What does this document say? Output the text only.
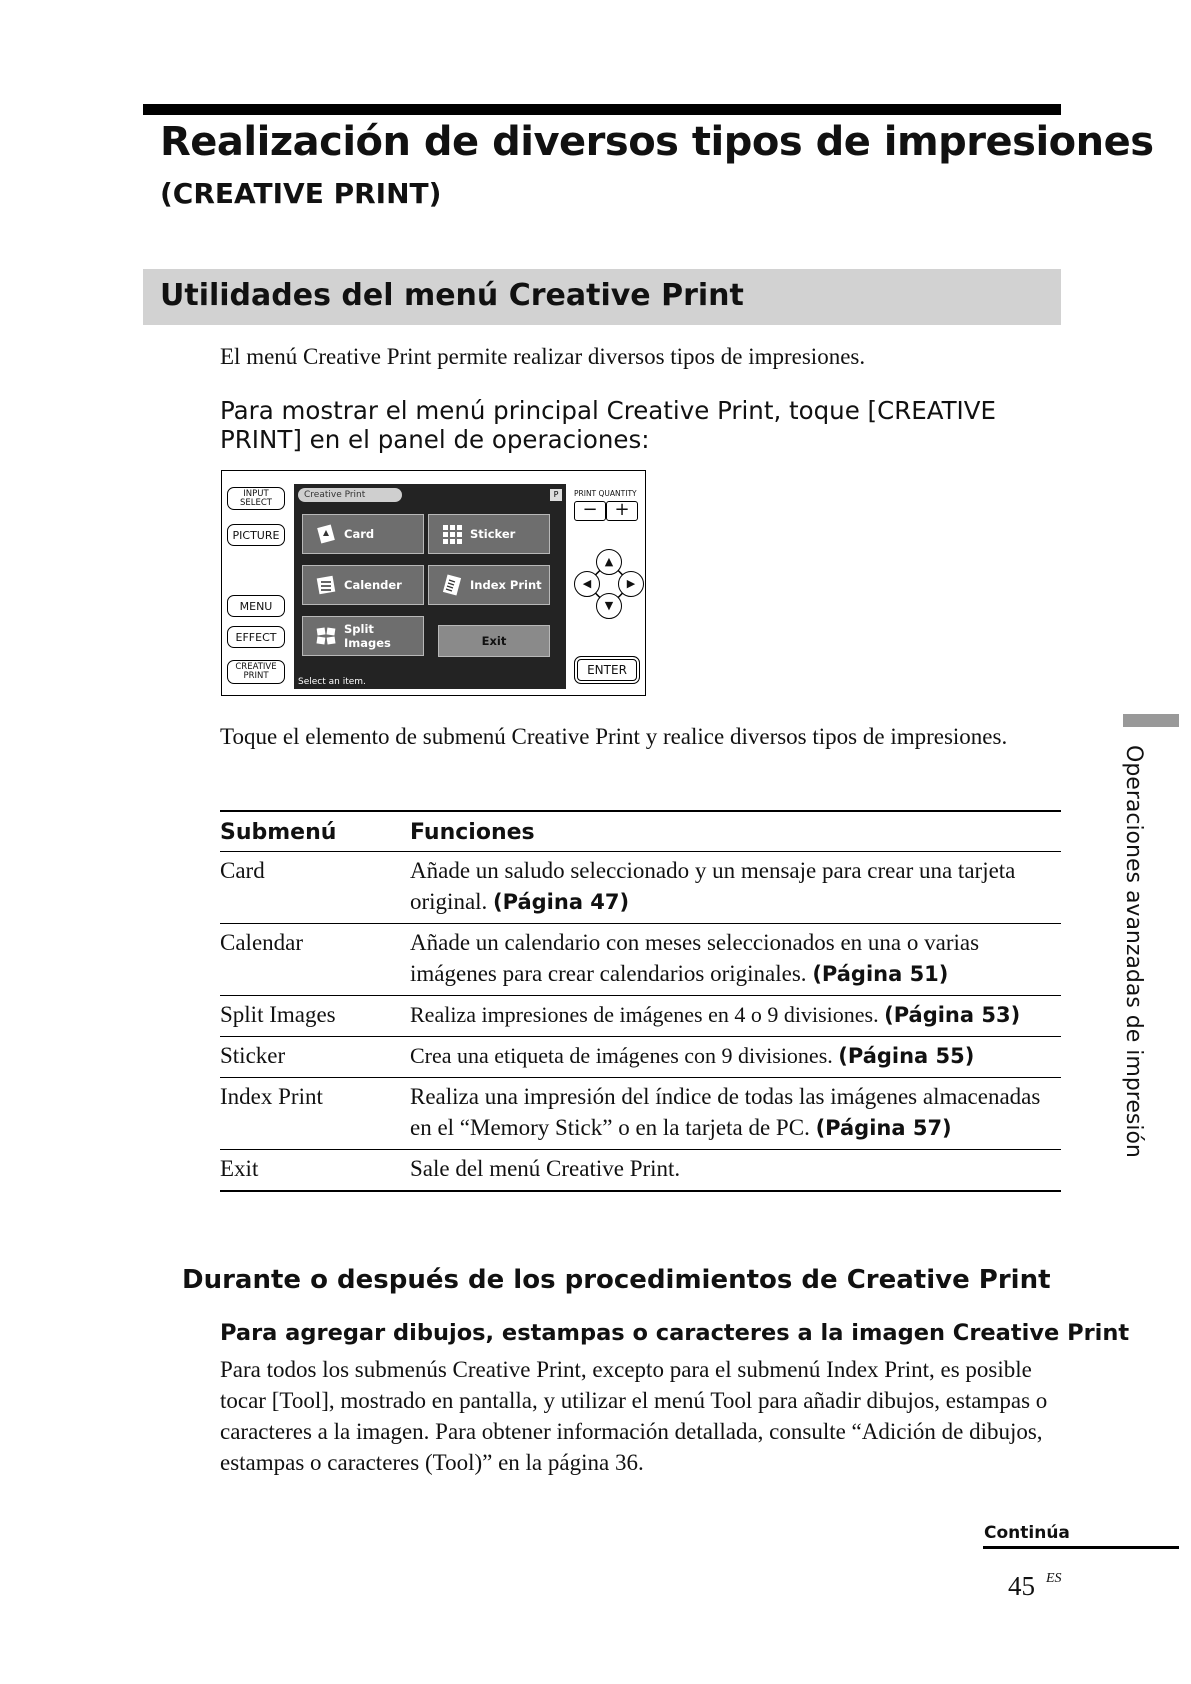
Realización de diversos tipos de impresiones
(CREATIVE PRINT)
Utilidades del menú Creative Print
El menú Creative Print permite realizar diversos tipos de impresiones.
Para mostrar el menú principal Creative Print, toque [CREATIVE PRINT] en el panel de operaciones:
INPUT
SELECT
PICTURE
MENU
EFFECT
CREATIVE
PRINT
Creative Print	P
Card	Sticker
Calender	Index Print
Split Images	Exit
Select an item.
PRINT QUANTITY
− +
▲
◀	▶
▼
ENTER
Toque el elemento de submenú Creative Print y realice diversos tipos de impresiones.
Submenú	Funciones
Card	Añade un saludo seleccionado y un mensaje para crear una tarjeta original. (Página 47)
Calendar	Añade un calendario con meses seleccionados en una o varias imágenes para crear calendarios originales. (Página 51)
Split Images	Realiza impresiones de imágenes en 4 o 9 divisiones. (Página 53)
Sticker	Crea una etiqueta de imágenes con 9 divisiones. (Página 55)
Index Print	Realiza una impresión del índice de todas las imágenes almacenadas en el “Memory Stick” o en la tarjeta de PC. (Página 57)
Exit	Sale del menú Creative Print.
Durante o después de los procedimientos de Creative Print
Para agregar dibujos, estampas o caracteres a la imagen Creative Print
Para todos los submenús Creative Print, excepto para el submenú Index Print, es posible tocar [Tool], mostrado en pantalla, y utilizar el menú Tool para añadir dibujos, estampas o caracteres a la imagen. Para obtener información detallada, consulte “Adición de dibujos, estampas o caracteres (Tool)” en la página 36.
Operaciones avanzadas de impresión
Continúa
45 ES
